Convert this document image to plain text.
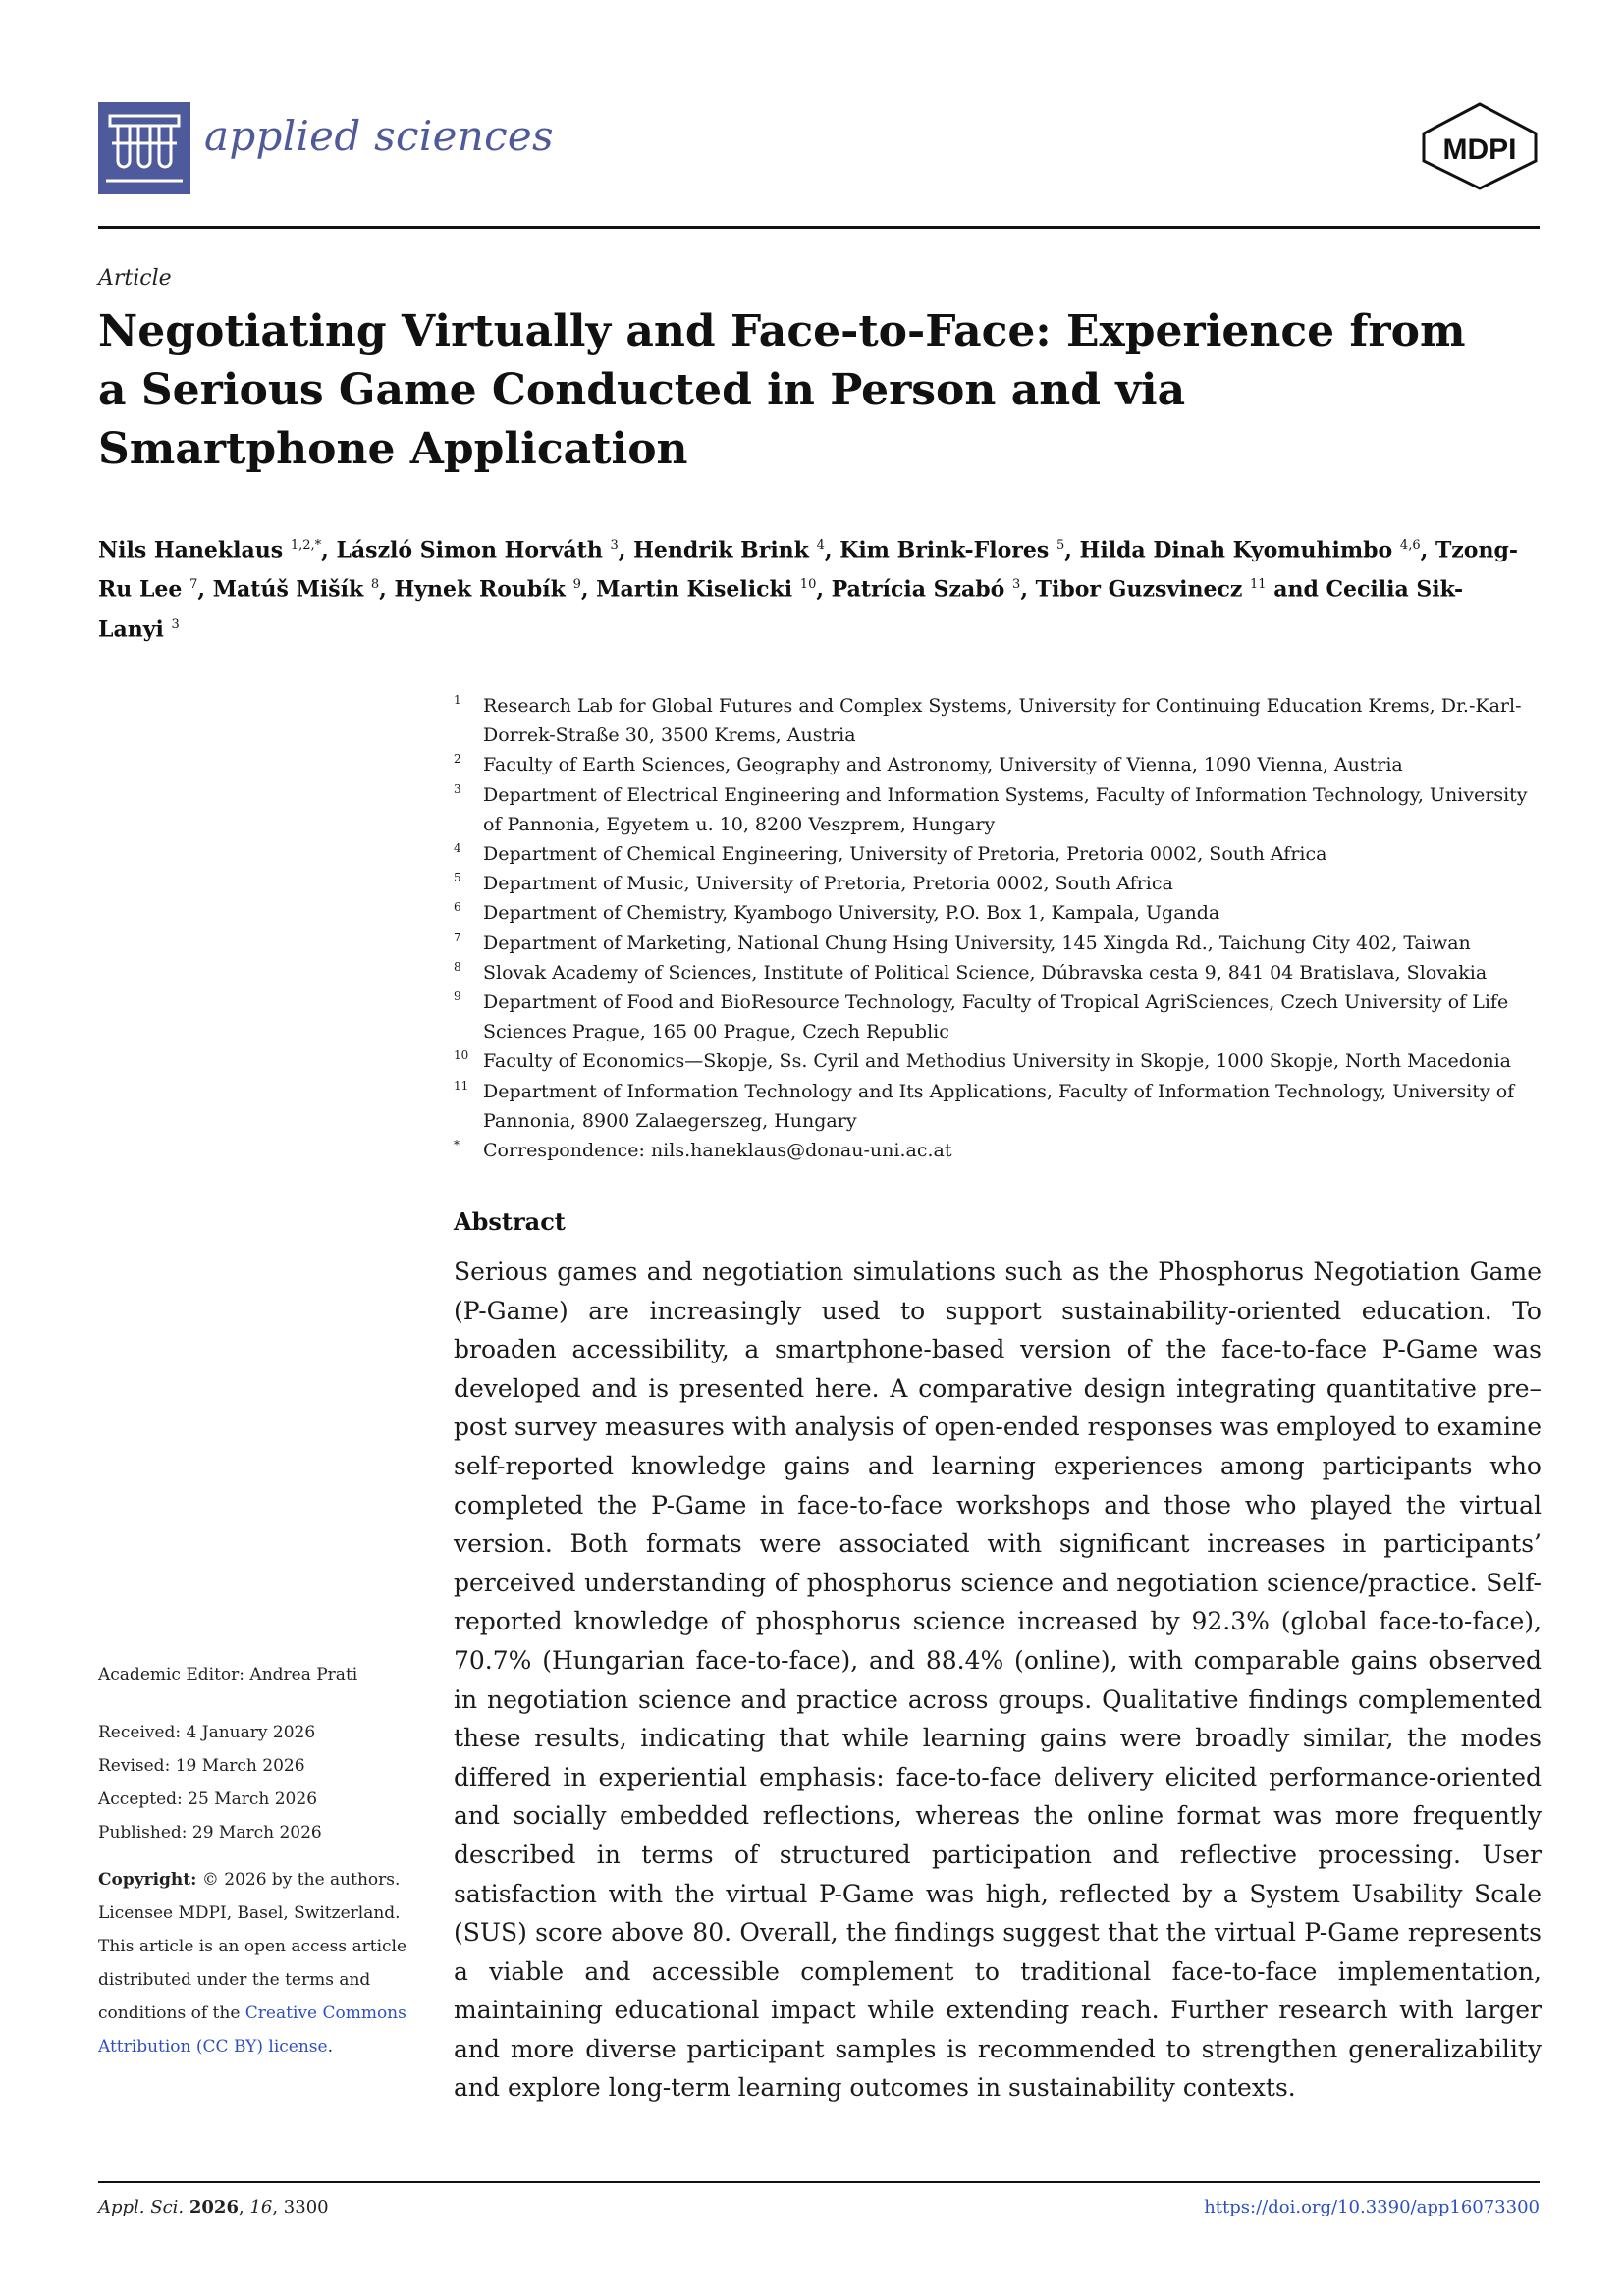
applied sciences	MDPI
Article
Negotiating Virtually and Face-to-Face: Experience from a Serious Game Conducted in Person and via Smartphone Application
Nils Haneklaus $^{1,2,*}$, László Simon Horváth $^3$, Hendrik Brink $^4$, Kim Brink-Flores $^5$, Hilda Dinah Kyomuhimbo $^{4,6}$, Tzong-Ru Lee $^7$, Matúš Mišík $^8$, Hynek Roubík $^9$, Martin Kiselicki $^{10}$, Patrícia Szabó $^3$, Tibor Guzsvinecz $^{11}$ and Cecilia Sik-Lanyi $^3$
1 Research Lab for Global Futures and Complex Systems, University for Continuing Education Krems, Dr.-Karl-Dorrek-Straße 30, 3500 Krems, Austria
2 Faculty of Earth Sciences, Geography and Astronomy, University of Vienna, 1090 Vienna, Austria
3 Department of Electrical Engineering and Information Systems, Faculty of Information Technology, University of Pannonia, Egyetem u. 10, 8200 Veszprem, Hungary
4 Department of Chemical Engineering, University of Pretoria, Pretoria 0002, South Africa
5 Department of Music, University of Pretoria, Pretoria 0002, South Africa
6 Department of Chemistry, Kyambogo University, P.O. Box 1, Kampala, Uganda
7 Department of Marketing, National Chung Hsing University, 145 Xingda Rd., Taichung City 402, Taiwan
8 Slovak Academy of Sciences, Institute of Political Science, Dúbravska cesta 9, 841 04 Bratislava, Slovakia
9 Department of Food and BioResource Technology, Faculty of Tropical AgriSciences, Czech University of Life Sciences Prague, 165 00 Prague, Czech Republic
10 Faculty of Economics—Skopje, Ss. Cyril and Methodius University in Skopje, 1000 Skopje, North Macedonia
11 Department of Information Technology and Its Applications, Faculty of Information Technology, University of Pannonia, 8900 Zalaegerszeg, Hungary
* Correspondence: nils.haneklaus@donau-uni.ac.at
Academic Editor: Andrea Prati
Received: 4 January 2026
Revised: 19 March 2026
Accepted: 25 March 2026
Published: 29 March 2026
Copyright: © 2026 by the authors. Licensee MDPI, Basel, Switzerland. This article is an open access article distributed under the terms and conditions of the Creative Commons Attribution (CC BY) license.
Abstract
Serious games and negotiation simulations such as the Phosphorus Negotiation Game (P-Game) are increasingly used to support sustainability-oriented education. To broaden accessibility, a smartphone-based version of the face-to-face P-Game was developed and is presented here. A comparative design integrating quantitative pre–post survey measures with analysis of open-ended responses was employed to examine self-reported knowledge gains and learning experiences among participants who completed the P-Game in face-to-face workshops and those who played the virtual version. Both formats were associated with significant increases in participants’ perceived understanding of phosphorus science and negotiation science/practice. Self-reported knowledge of phosphorus science increased by 92.3% (global face-to-face), 70.7% (Hungarian face-to-face), and 88.4% (online), with comparable gains observed in negotiation science and practice across groups. Qualitative findings complemented these results, indicating that while learning gains were broadly similar, the modes differed in experiential emphasis: face-to-face delivery elicited performance-oriented and socially embedded reflections, whereas the online format was more frequently described in terms of structured participation and reflective processing. User satisfaction with the virtual P-Game was high, reflected by a System Usability Scale (SUS) score above 80. Overall, the findings suggest that the virtual P-Game represents a viable and accessible complement to traditional face-to-face implementation, maintaining educational impact while extending reach. Further research with larger and more diverse participant samples is recommended to strengthen generalizability and explore long-term learning outcomes in sustainability contexts.
Appl. Sci. 2026, 16, 3300	https://doi.org/10.3390/app16073300
